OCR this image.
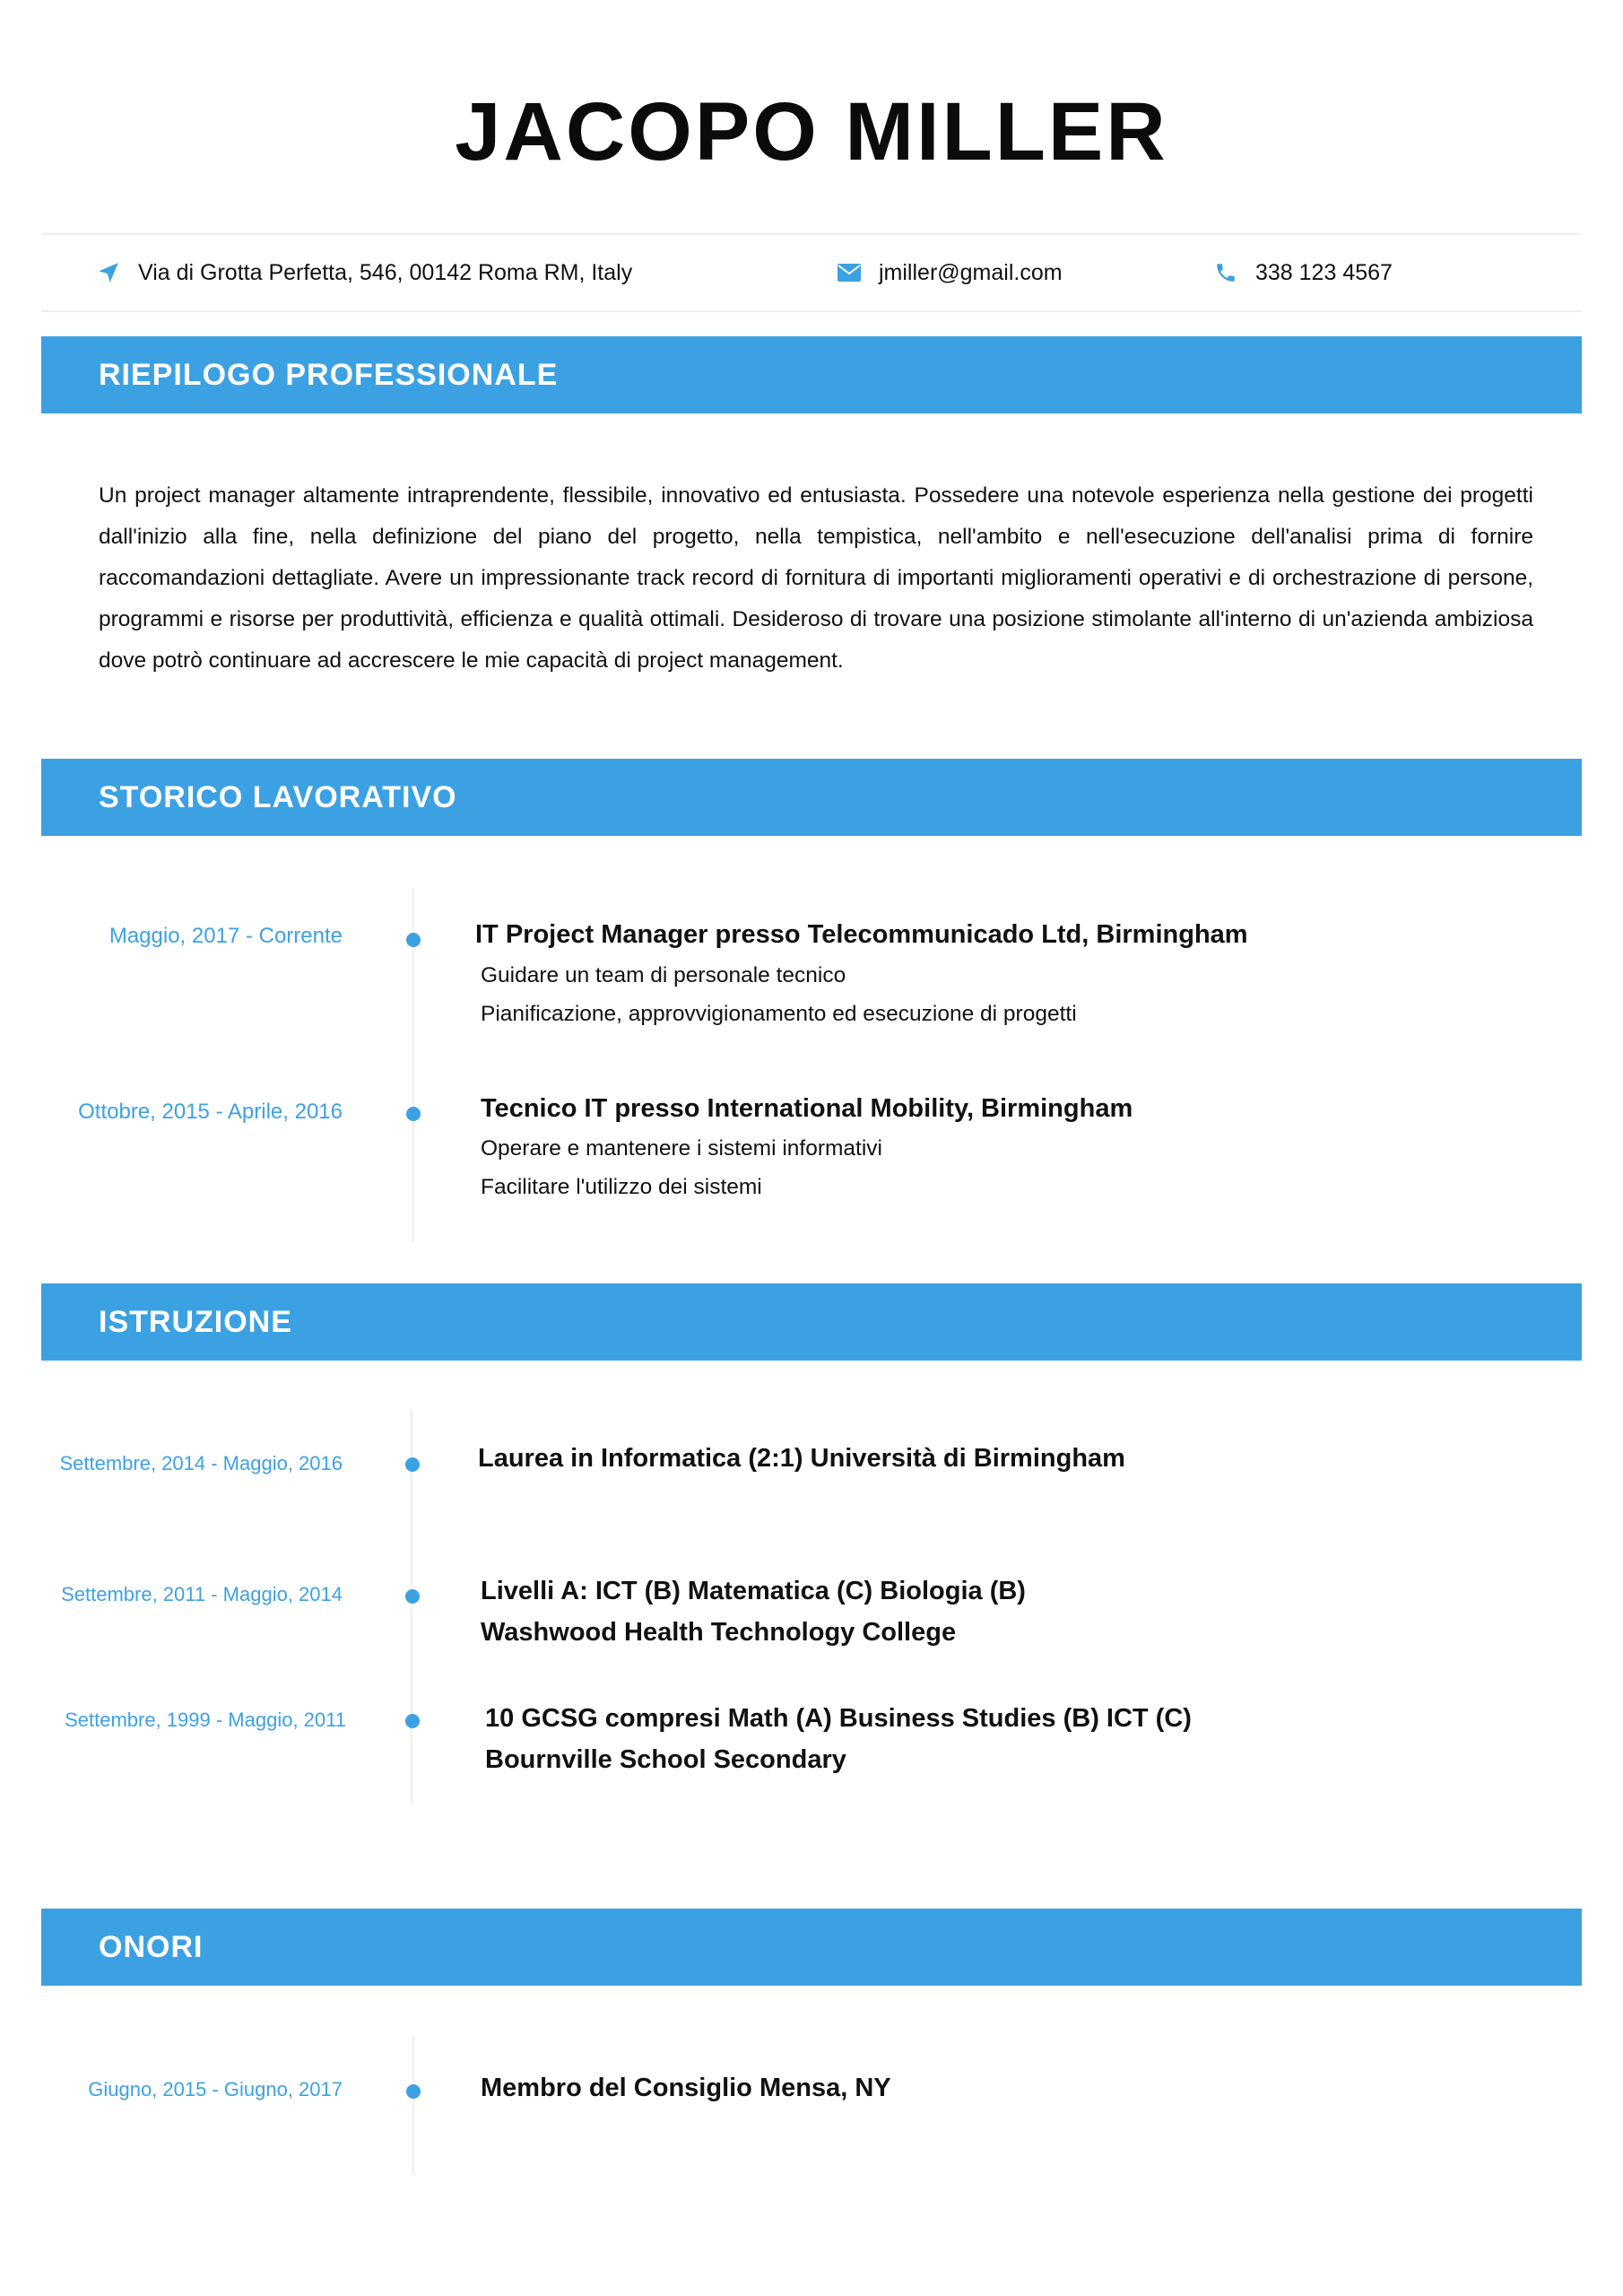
JACOPO MILLER
Via di Grotta Perfetta, 546, 00142 Roma RM, Italy	jmiller@gmail.com	338 123 4567
RIEPILOGO PROFESSIONALE

Un project manager altamente intraprendente, flessibile, innovativo ed entusiasta. Possedere una notevole esperienza nella gestione dei progetti dall'inizio alla fine, nella definizione del piano del progetto, nella tempistica, nell'ambito e nell'esecuzione dell'analisi prima di fornire raccomandazioni dettagliate. Avere un impressionante track record di fornitura di importanti miglioramenti operativi e di orchestrazione di persone, programmi e risorse per produttività, efficienza e qualità ottimali. Desideroso di trovare una posizione stimolante all'interno di un'azienda ambiziosa dove potrò continuare ad accrescere le mie capacità di project management.

STORICO LAVORATIVO
Maggio, 2017 - Corrente	IT Project Manager presso Telecommunicado Ltd, Birmingham
Guidare un team di personale tecnico
Pianificazione, approvvigionamento ed esecuzione di progetti
Ottobre, 2015 - Aprile, 2016	Tecnico IT presso International Mobility, Birmingham
Operare e mantenere i sistemi informativi
Facilitare l'utilizzo dei sistemi
ISTRUZIONE
Settembre, 2014 - Maggio, 2016	Laurea in Informatica (2:1) Università di Birmingham
Settembre, 2011 - Maggio, 2014	Livelli A: ICT (B) Matematica (C) Biologia (B)
Washwood Health Technology College
Settembre, 1999 - Maggio, 2011	10 GCSG compresi Math (A) Business Studies (B) ICT (C)
Bournville School Secondary
ONORI
Giugno, 2015 - Giugno, 2017	Membro del Consiglio Mensa, NY
